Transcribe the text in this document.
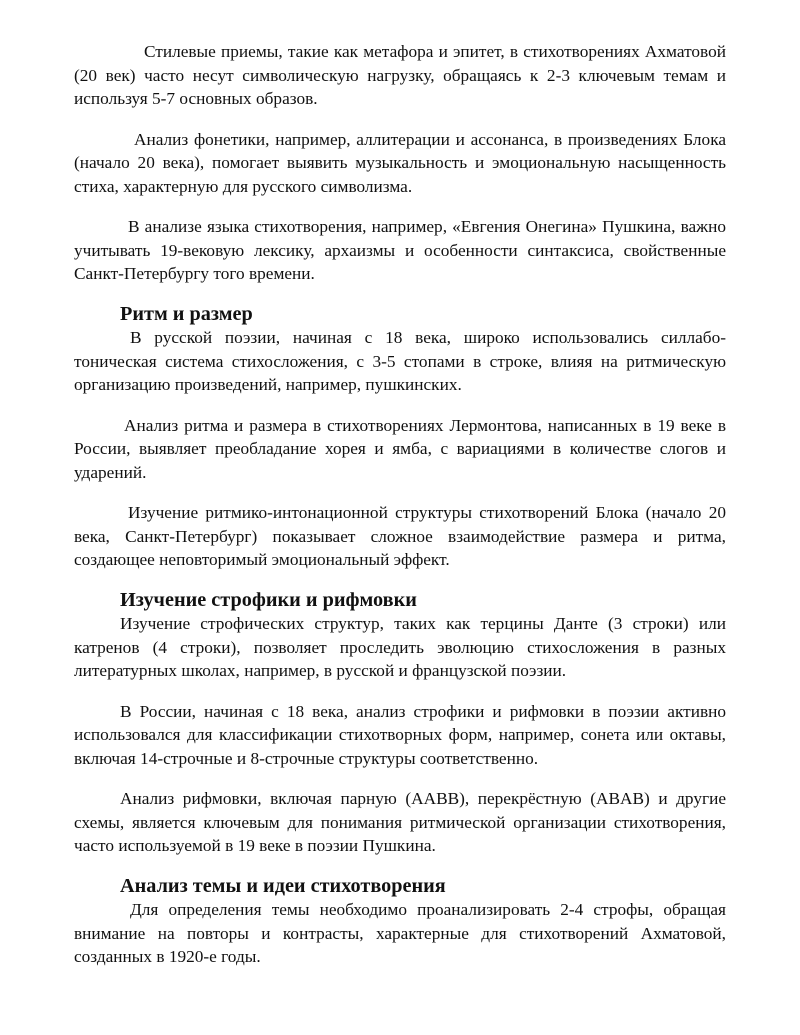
Стилевые приемы, такие как метафора и эпитет, в стихотворениях Ахматовой (20 век) часто несут символическую нагрузку, обращаясь к 2-3 ключевым темам и используя 5-7 основных образов.

Анализ фонетики, например, аллитерации и ассонанса, в произведениях Блока (начало 20 века), помогает выявить музыкальность и эмоциональную насыщенность стиха, характерную для русского символизма.

В анализе языка стихотворения, например, «Евгения Онегина» Пушкина, важно учитывать 19-вековую лексику, архаизмы и особенности синтаксиса, свойственные Санкт-Петербургу того времени.

Ритм и размер

В русской поэзии, начиная с 18 века, широко использовались силлабо-тоническая система стихосложения, с 3-5 стопами в строке, влияя на ритмическую организацию произведений, например, пушкинских.

Анализ ритма и размера в стихотворениях Лермонтова, написанных в 19 веке в России, выявляет преобладание хорея и ямба, с вариациями в количестве слогов и ударений.

Изучение ритмико-интонационной структуры стихотворений Блока (начало 20 века, Санкт-Петербург) показывает сложное взаимодействие размера и ритма, создающее неповторимый эмоциональный эффект.

Изучение строфики и рифмовки

Изучение строфических структур, таких как терцины Данте (3 строки) или катренов (4 строки), позволяет проследить эволюцию стихосложения в разных литературных школах, например, в русской и французской поэзии.

В России, начиная с 18 века, анализ строфики и рифмовки в поэзии активно использовался для классификации стихотворных форм, например, сонета или октавы, включая 14-строчные и 8-строчные структуры соответственно.

Анализ рифмовки, включая парную (AABB), перекрёстную (ABAB) и другие схемы, является ключевым для понимания ритмической организации стихотворения, часто используемой в 19 веке в поэзии Пушкина.

Анализ темы и идеи стихотворения

Для определения темы необходимо проанализировать 2-4 строфы, обращая внимание на повторы и контрасты, характерные для стихотворений Ахматовой, созданных в 1920-е годы.
